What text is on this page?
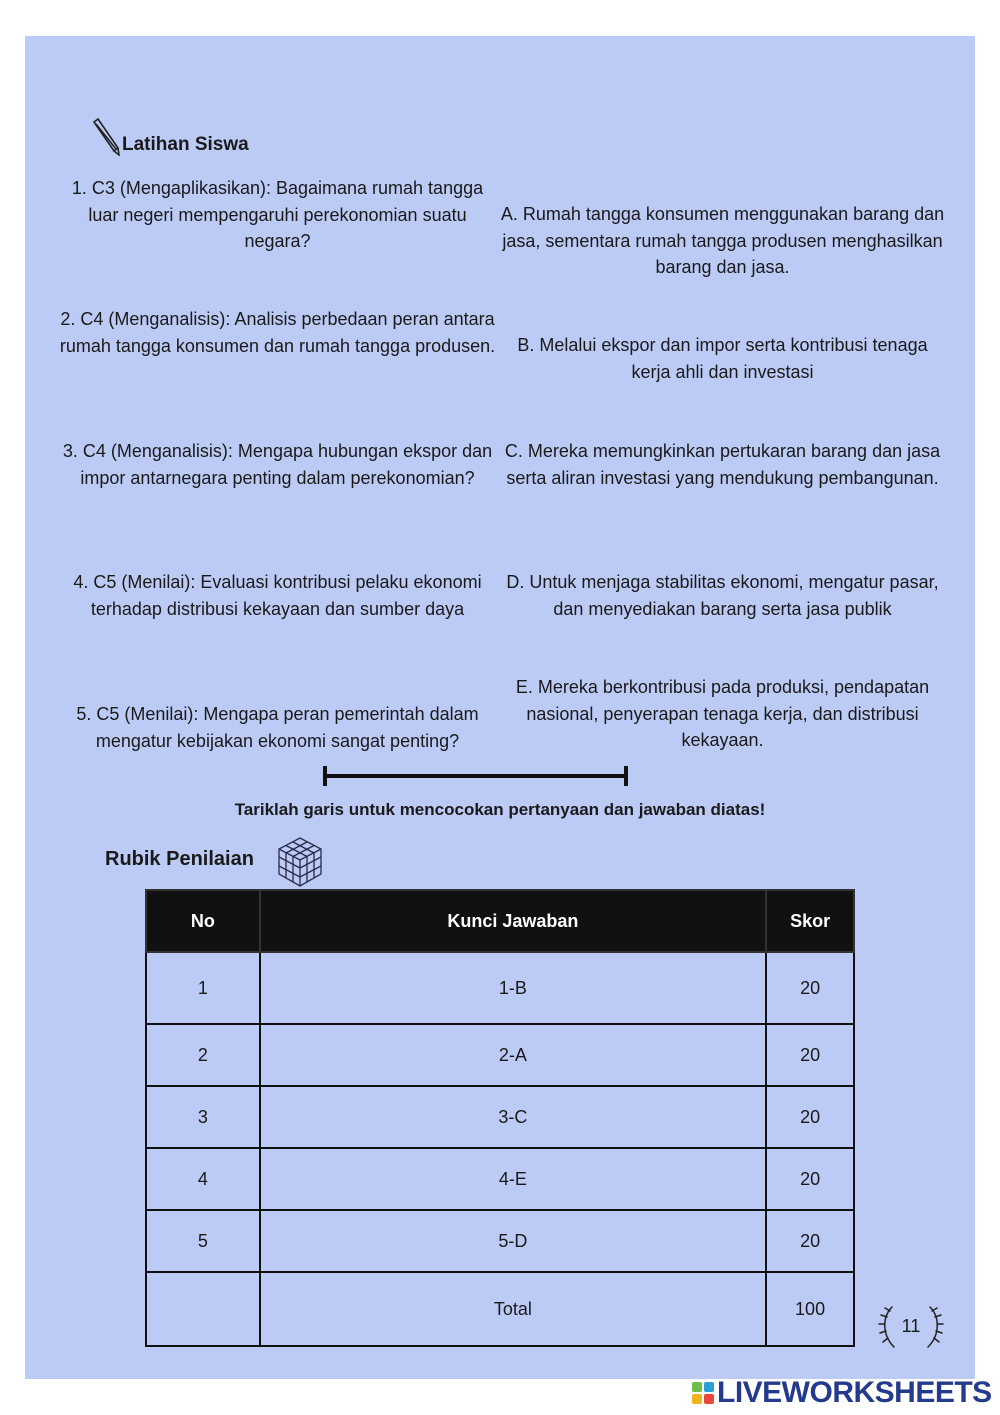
Latihan Siswa
1. C3 (Mengaplikasikan): Bagaimana rumah tangga luar negeri mempengaruhi perekonomian suatu negara?
2. C4 (Menganalisis): Analisis perbedaan peran antara rumah tangga konsumen dan rumah tangga produsen.
3. C4 (Menganalisis): Mengapa hubungan ekspor dan impor antarnegara penting dalam perekonomian?
4. C5 (Menilai): Evaluasi kontribusi pelaku ekonomi terhadap distribusi kekayaan dan sumber daya
5. C5 (Menilai): Mengapa peran pemerintah dalam mengatur kebijakan ekonomi sangat penting?
A. Rumah tangga konsumen menggunakan barang dan jasa, sementara rumah tangga produsen menghasilkan barang dan jasa.
B. Melalui ekspor dan impor serta kontribusi tenaga kerja ahli dan investasi
C. Mereka memungkinkan pertukaran barang dan jasa serta aliran investasi yang mendukung pembangunan.
D. Untuk menjaga stabilitas ekonomi, mengatur pasar, dan menyediakan barang serta jasa publik
E. Mereka berkontribusi pada produksi, pendapatan nasional, penyerapan tenaga kerja, dan distribusi kekayaan.
Tariklah garis untuk mencocokan pertanyaan dan jawaban diatas!
Rubik Penilaian
No	Kunci Jawaban	Skor
1	1-B	20
2	2-A	20
3	3-C	20
4	4-E	20
5	5-D	20
	Total	100
11
LIVEWORKSHEETS
